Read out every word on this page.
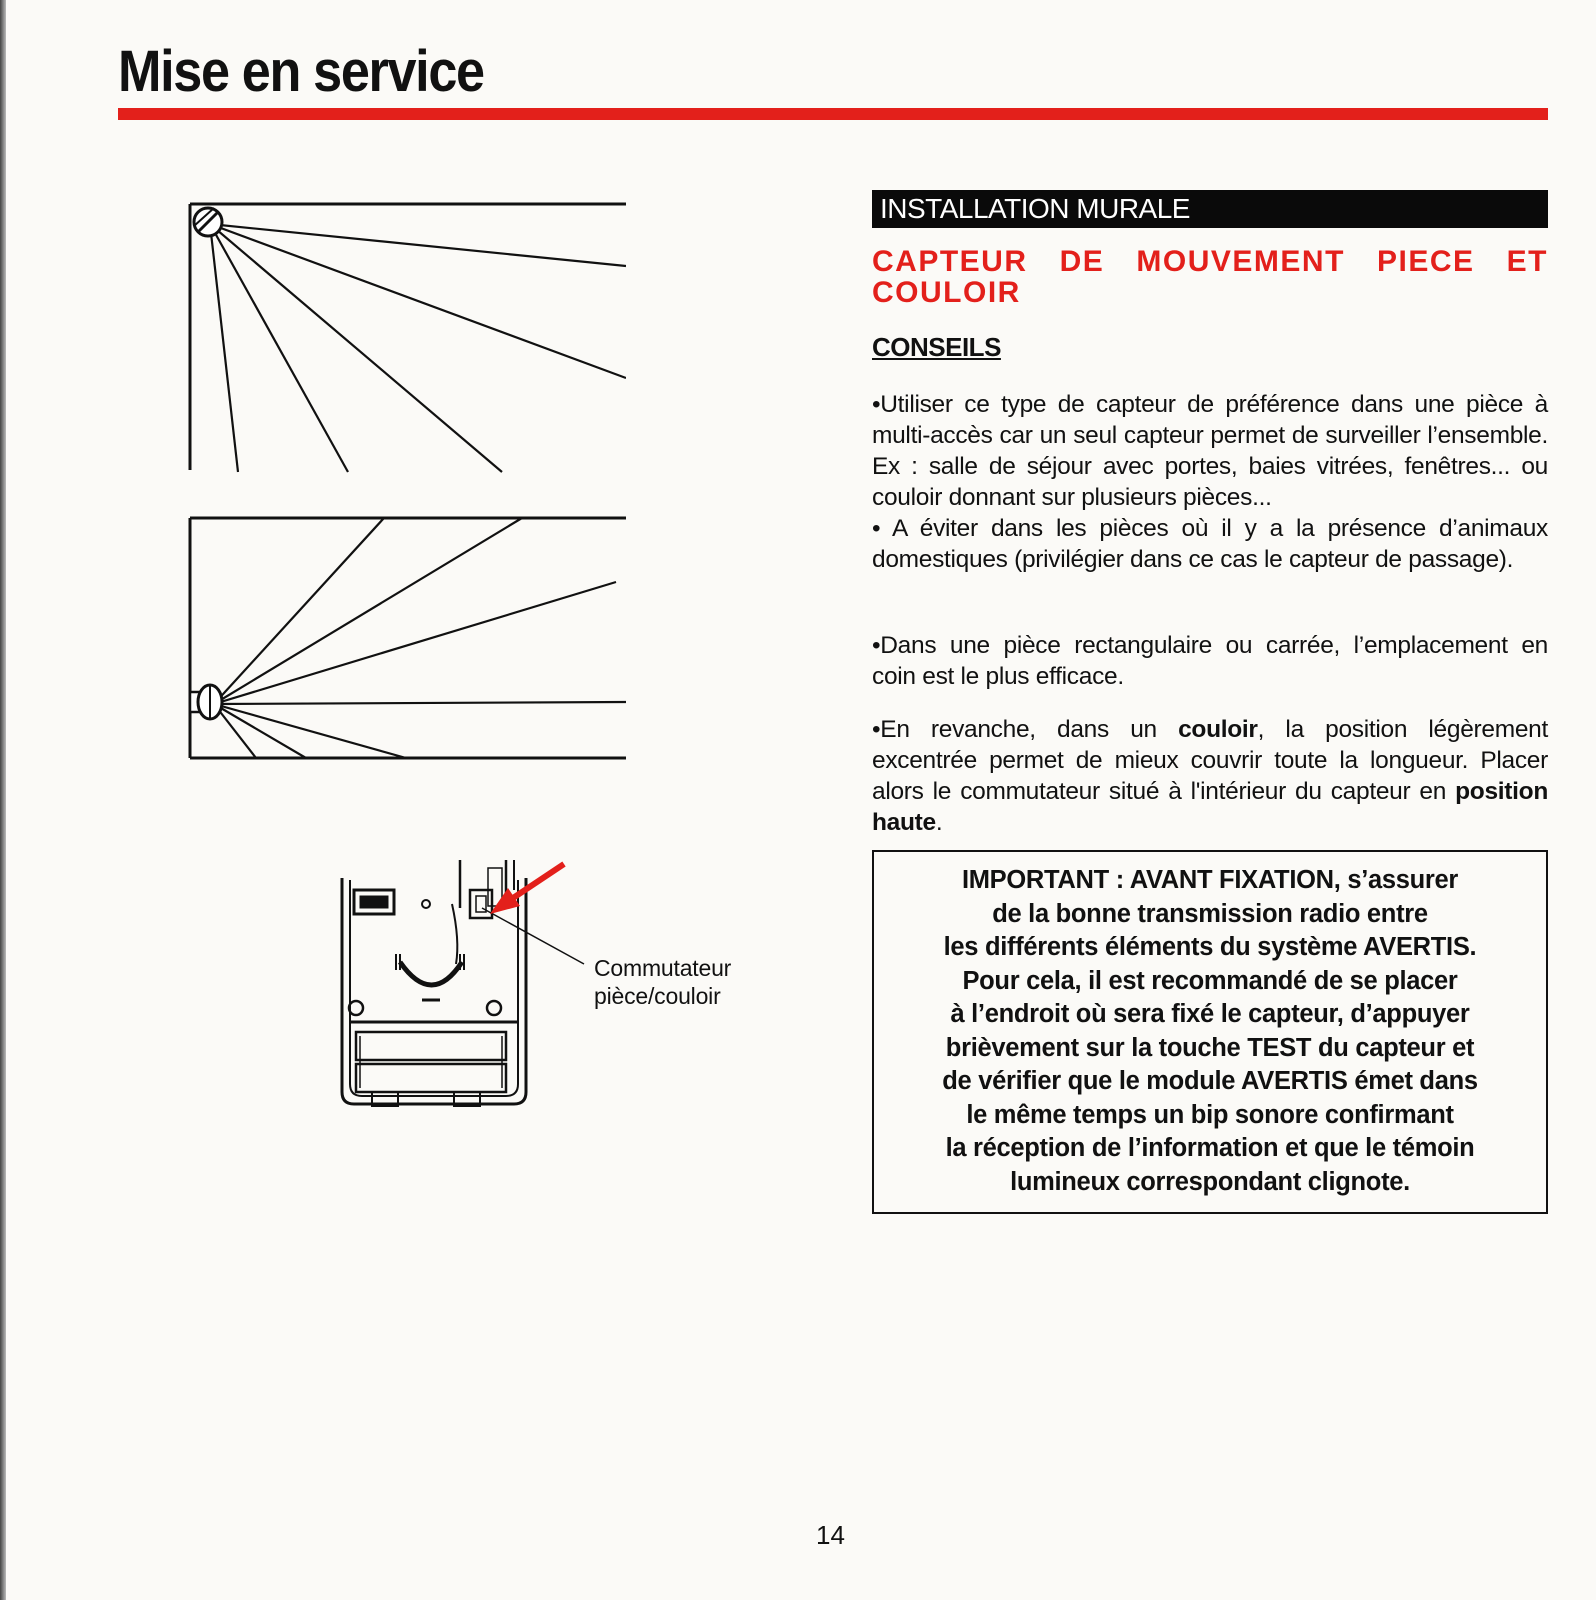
Mise en service
Commutateur
pièce/couloir
INSTALLATION MURALE
CAPTEUR DE MOUVEMENT PIECE ET COULOIR
CONSEILS
•Utiliser ce type de capteur de préférence dans une pièce à multi-accès car un seul capteur permet de surveiller l’ensemble. Ex : salle de séjour avec portes, baies vitrées, fenêtres... ou couloir donnant sur plusieurs pièces...
• A éviter dans les pièces où il y a la présence d’animaux domestiques (privilégier dans ce cas le capteur de passage).
•Dans une pièce rectangulaire ou carrée, l’emplacement en coin est le plus efficace.
•En revanche, dans un couloir, la position légèrement excentrée permet de mieux couvrir toute la longueur. Placer alors le commutateur situé à l'intérieur du capteur en position haute.
IMPORTANT : AVANT FIXATION, s’assurer
de la bonne transmission radio entre
les différents éléments du système AVERTIS.
Pour cela, il est recommandé de se placer
à l’endroit où sera fixé le capteur, d’appuyer
brièvement sur la touche TEST du capteur et
de vérifier que le module AVERTIS émet dans
le même temps un bip sonore confirmant
la réception de l’information et que le témoin
lumineux correspondant clignote.
14
